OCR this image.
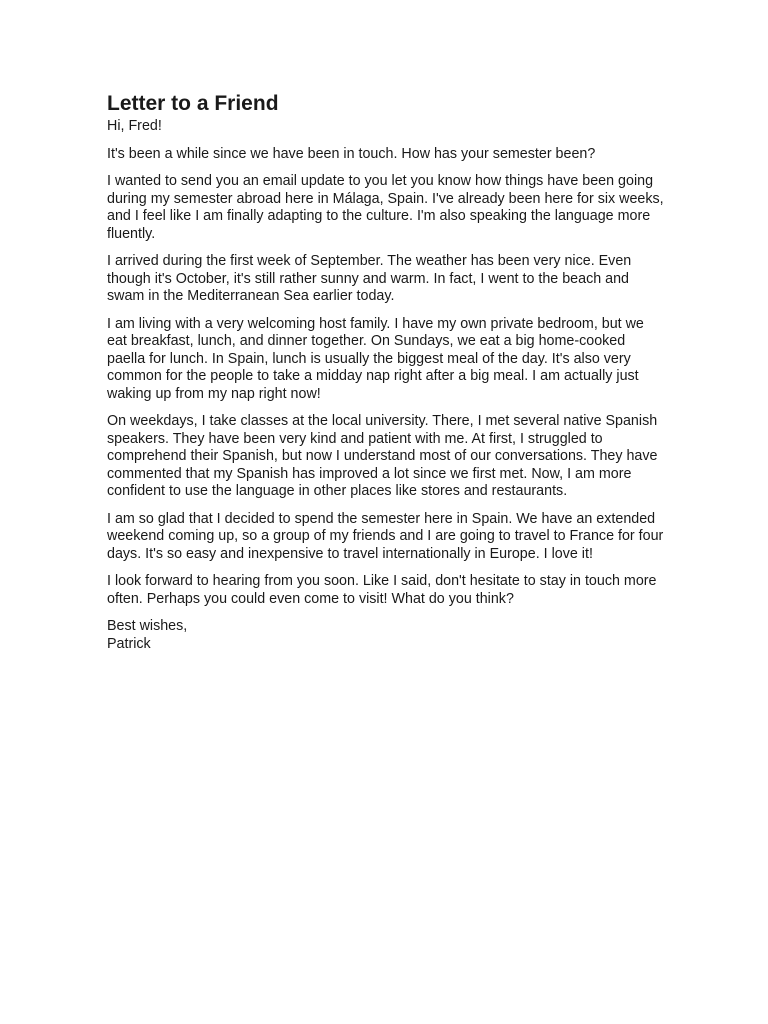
Letter to a Friend

Hi, Fred!

It's been a while since we have been in touch. How has your semester been?

I wanted to send you an email update to you let you know how things have been going during my semester abroad here in Málaga, Spain. I've already been here for six weeks, and I feel like I am finally adapting to the culture. I'm also speaking the language more fluently.

I arrived during the first week of September. The weather has been very nice. Even though it's October, it's still rather sunny and warm. In fact, I went to the beach and swam in the Mediterranean Sea earlier today.

I am living with a very welcoming host family. I have my own private bedroom, but we eat breakfast, lunch, and dinner together. On Sundays, we eat a big home-cooked paella for lunch. In Spain, lunch is usually the biggest meal of the day. It's also very common for the people to take a midday nap right after a big meal. I am actually just waking up from my nap right now!

On weekdays, I take classes at the local university. There, I met several native Spanish speakers. They have been very kind and patient with me. At first, I struggled to comprehend their Spanish, but now I understand most of our conversations. They have commented that my Spanish has improved a lot since we first met. Now, I am more confident to use the language in other places like stores and restaurants.

I am so glad that I decided to spend the semester here in Spain. We have an extended weekend coming up, so a group of my friends and I are going to travel to France for four days. It's so easy and inexpensive to travel internationally in Europe. I love it!

I look forward to hearing from you soon. Like I said, don't hesitate to stay in touch more often. Perhaps you could even come to visit! What do you think?

Best wishes,

Patrick
